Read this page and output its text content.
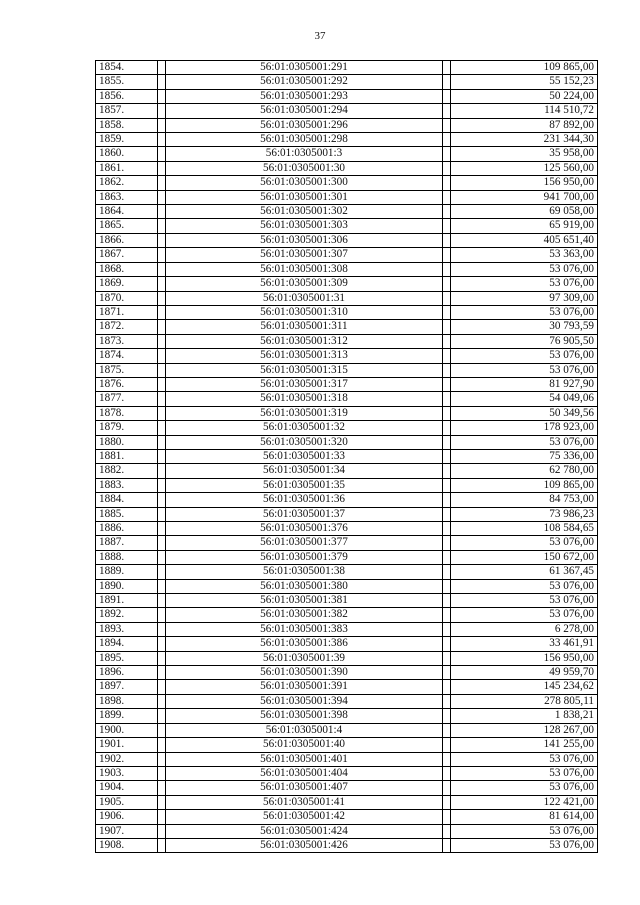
37
1854.		56:01:0305001:291		109 865,00
1855.		56:01:0305001:292		55 152,23
1856.		56:01:0305001:293		50 224,00
1857.		56:01:0305001:294		114 510,72
1858.		56:01:0305001:296		87 892,00
1859.		56:01:0305001:298		231 344,30
1860.		56:01:0305001:3		35 958,00
1861.		56:01:0305001:30		125 560,00
1862.		56:01:0305001:300		156 950,00
1863.		56:01:0305001:301		941 700,00
1864.		56:01:0305001:302		69 058,00
1865.		56:01:0305001:303		65 919,00
1866.		56:01:0305001:306		405 651,40
1867.		56:01:0305001:307		53 363,00
1868.		56:01:0305001:308		53 076,00
1869.		56:01:0305001:309		53 076,00
1870.		56:01:0305001:31		97 309,00
1871.		56:01:0305001:310		53 076,00
1872.		56:01:0305001:311		30 793,59
1873.		56:01:0305001:312		76 905,50
1874.		56:01:0305001:313		53 076,00
1875.		56:01:0305001:315		53 076,00
1876.		56:01:0305001:317		81 927,90
1877.		56:01:0305001:318		54 049,06
1878.		56:01:0305001:319		50 349,56
1879.		56:01:0305001:32		178 923,00
1880.		56:01:0305001:320		53 076,00
1881.		56:01:0305001:33		75 336,00
1882.		56:01:0305001:34		62 780,00
1883.		56:01:0305001:35		109 865,00
1884.		56:01:0305001:36		84 753,00
1885.		56:01:0305001:37		73 986,23
1886.		56:01:0305001:376		108 584,65
1887.		56:01:0305001:377		53 076,00
1888.		56:01:0305001:379		150 672,00
1889.		56:01:0305001:38		61 367,45
1890.		56:01:0305001:380		53 076,00
1891.		56:01:0305001:381		53 076,00
1892.		56:01:0305001:382		53 076,00
1893.		56:01:0305001:383		6 278,00
1894.		56:01:0305001:386		33 461,91
1895.		56:01:0305001:39		156 950,00
1896.		56:01:0305001:390		49 959,70
1897.		56:01:0305001:391		145 234,62
1898.		56:01:0305001:394		278 805,11
1899.		56:01:0305001:398		1 838,21
1900.		56:01:0305001:4		128 267,00
1901.		56:01:0305001:40		141 255,00
1902.		56:01:0305001:401		53 076,00
1903.		56:01:0305001:404		53 076,00
1904.		56:01:0305001:407		53 076,00
1905.		56:01:0305001:41		122 421,00
1906.		56:01:0305001:42		81 614,00
1907.		56:01:0305001:424		53 076,00
1908.		56:01:0305001:426		53 076,00
